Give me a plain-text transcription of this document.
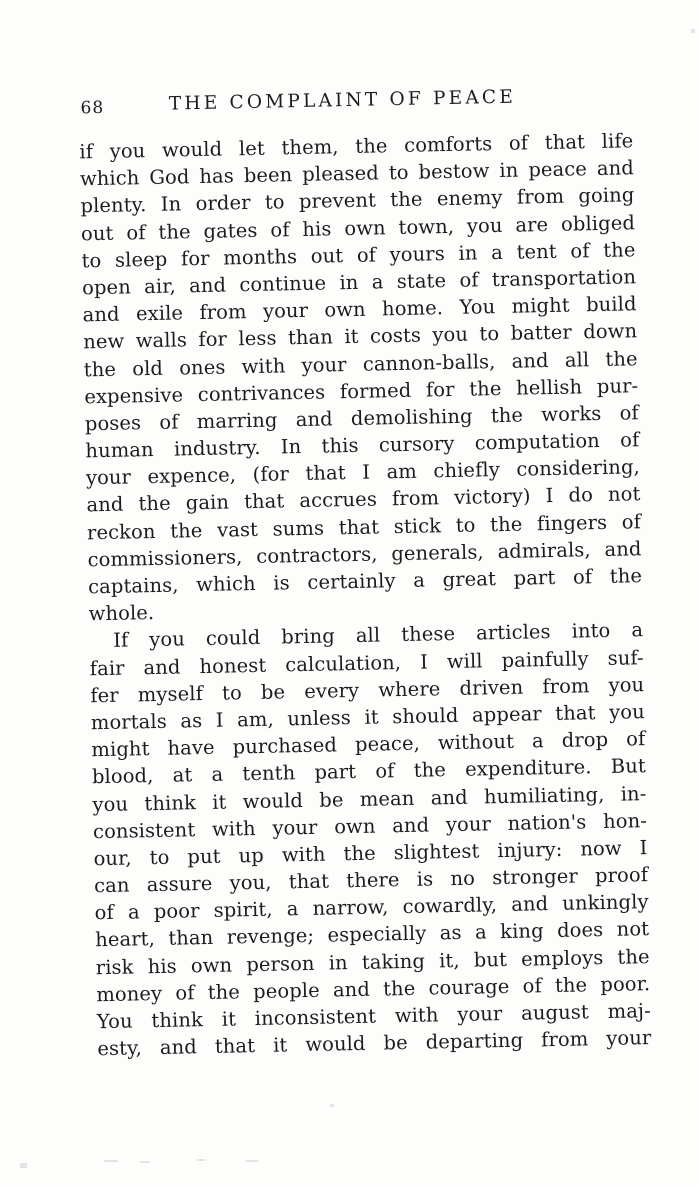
68	THE COMPLAINT OF PEACE
if you would let them, the comforts of that life
which God has been pleased to bestow in peace and
plenty. In order to prevent the enemy from going
out of the gates of his own town, you are obliged
to sleep for months out of yours in a tent of the
open air, and continue in a state of transportation
and exile from your own home. You might build
new walls for less than it costs you to batter down
the old ones with your cannon-balls, and all the
expensive contrivances formed for the hellish pur-
poses of marring and demolishing the works of
human industry. In this cursory computation of
your expence, (for that I am chiefly considering,
and the gain that accrues from victory) I do not
reckon the vast sums that stick to the fingers of
commissioners, contractors, generals, admirals, and
captains, which is certainly a great part of the
whole.
If you could bring all these articles into a
fair and honest calculation, I will painfully suf-
fer myself to be every where driven from you
mortals as I am, unless it should appear that you
might have purchased peace, without a drop of
blood, at a tenth part of the expenditure. But
you think it would be mean and humiliating, in-
consistent with your own and your nation's hon-
our, to put up with the slightest injury: now I
can assure you, that there is no stronger proof
of a poor spirit, a narrow, cowardly, and unkingly
heart, than revenge; especially as a king does not
risk his own person in taking it, but employs the
money of the people and the courage of the poor.
You think it inconsistent with your august maj-
esty, and that it would be departing from your
